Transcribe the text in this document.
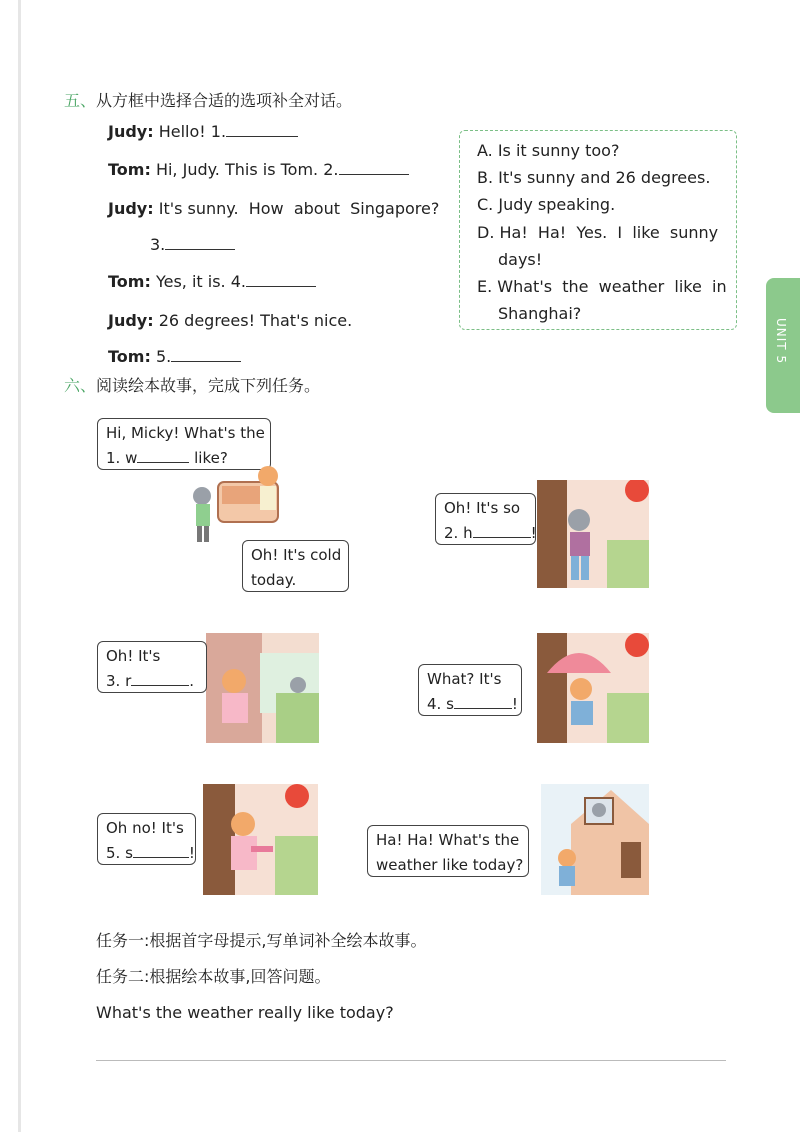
五、从方框中选择合适的选项补全对话。
Judy: Hello! 1.
Tom: Hi, Judy. This is Tom. 2.
Judy: It's sunny.  How  about  Singapore?
3.
Tom: Yes, it is. 4.
Judy: 26 degrees! That's nice.
Tom: 5.
A. Is it sunny too?
B. It's sunny and 26 degrees.
C. Judy speaking.
D. Ha!  Ha!  Yes.  I  like  sunny
days!
E. What's  the  weather  like  in
Shanghai?
UNIT 5
六、阅读绘本故事，完成下列任务。
Hi, Micky! What's the
1. w	like?
Oh! It's cold
today.
Oh! It's so
2. h	!
Oh! It's
3. r	.	What? It's
4. s	!
Oh no! It's
5. s	!
Ha! Ha! What's the
weather like today?
任务一:根据首字母提示,写单词补全绘本故事。
任务二:根据绘本故事,回答问题。
What's the weather really like today?
